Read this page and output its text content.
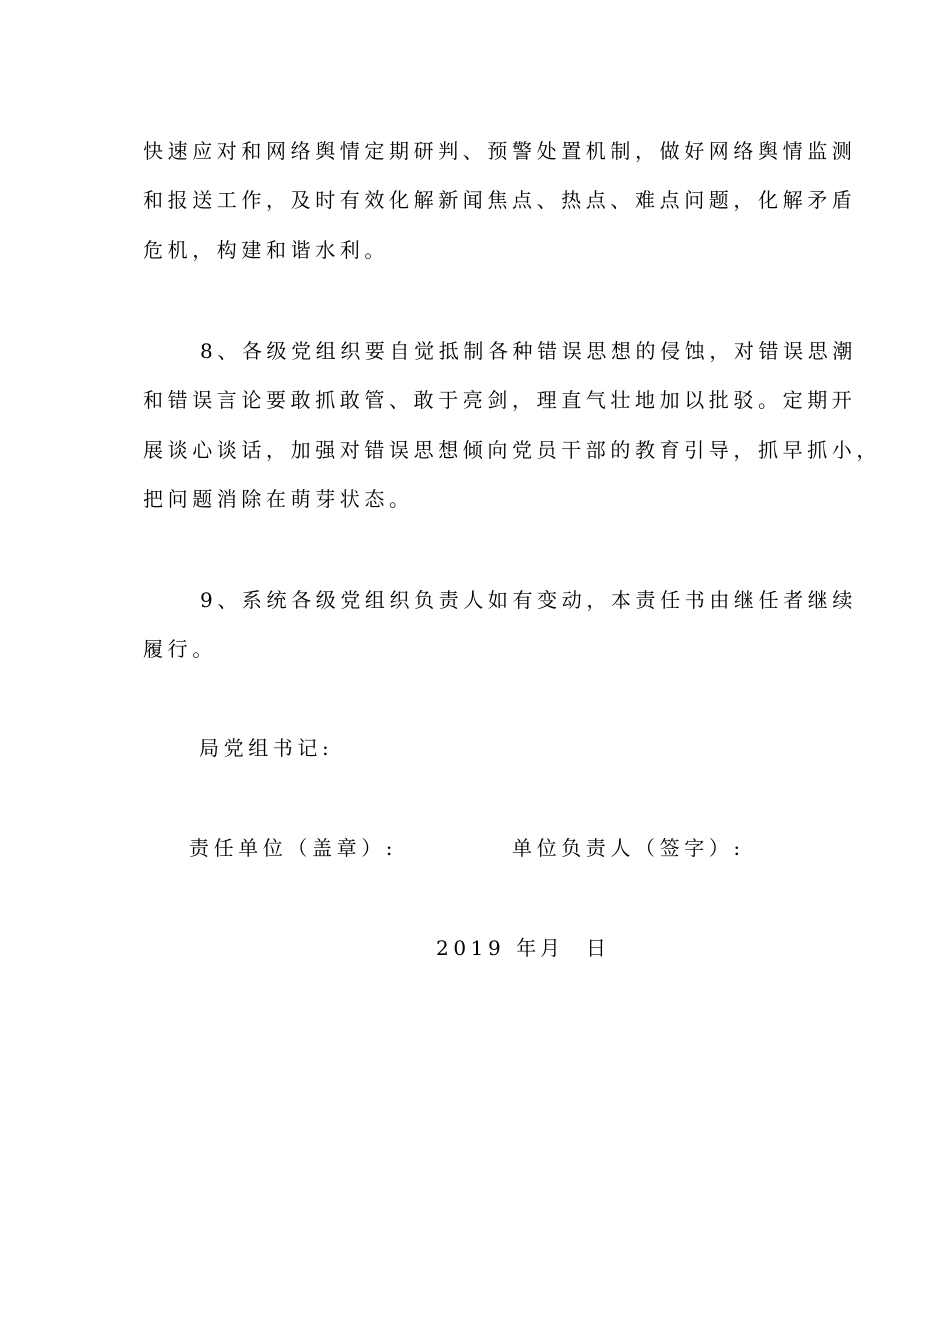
快速应对和网络舆情定期研判、预警处置机制，做好网络舆情监测
和报送工作，及时有效化解新闻焦点、热点、难点问题，化解矛盾
危机，构建和谐水利。
8、各级党组织要自觉抵制各种错误思想的侵蚀，对错误思潮
和错误言论要敢抓敢管、敢于亮剑，理直气壮地加以批驳。定期开
展谈心谈话，加强对错误思想倾向党员干部的教育引导，抓早抓小，
把问题消除在萌芽状态。
9、系统各级党组织负责人如有变动，本责任书由继任者继续
履行。
局党组书记:
责任单位（盖章）:	单位负责人（签字）:
2019 年 月 日
